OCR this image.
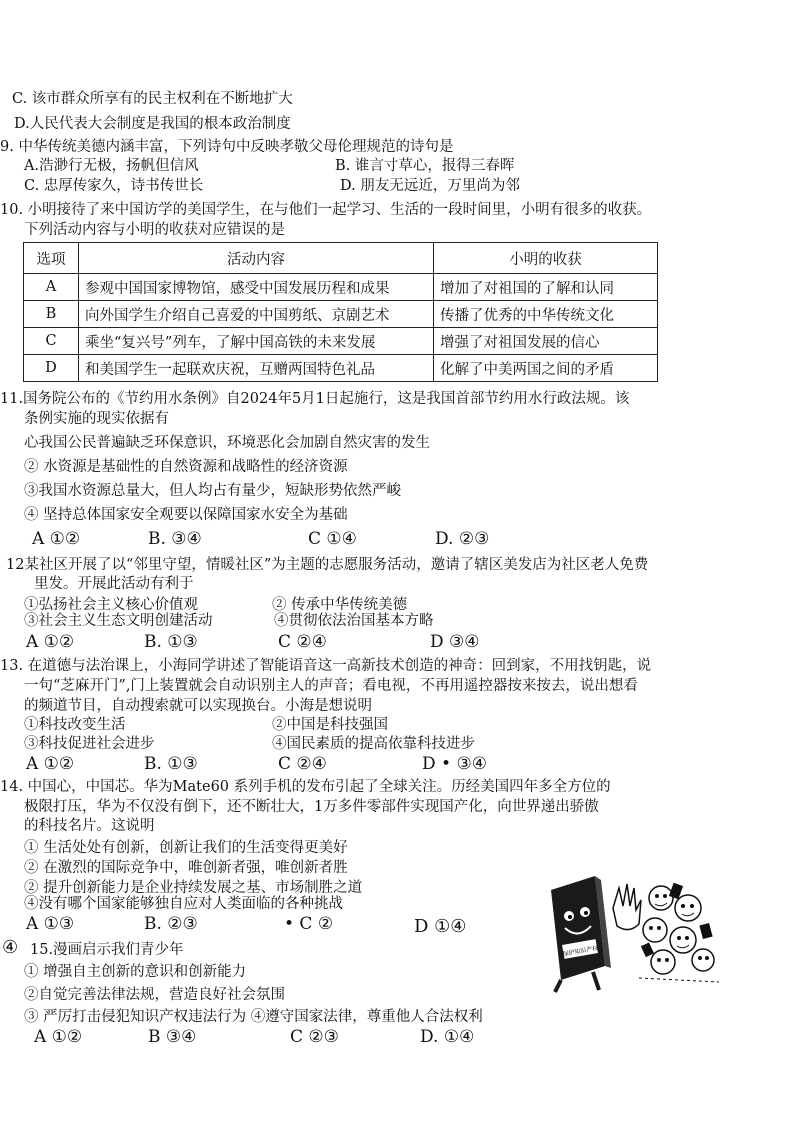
C. 该市群众所享有的民主权利在不断地扩大
D.人民代表大会制度是我国的根本政治制度
9. 中华传统美德内涵丰富，下列诗句中反映孝敬父母伦理规范的诗句是
A.浩渺行无极，扬帆但信风	B. 谁言寸草心，报得三春晖
C. 忠厚传家久，诗书传世长	D. 朋友无远近，万里尚为邻
10. 小明接待了来中国访学的美国学生，在与他们一起学习、生活的一段时间里，小明有很多的收获。
下列活动内容与小明的收获对应错误的是
选项	活动内容	小明的收获
A	参观中国国家博物馆，感受中国发展历程和成果	增加了对祖国的了解和认同
B	向外国学生介绍自己喜爱的中国剪纸、京剧艺术	传播了优秀的中华传统文化
C	乘坐“复兴号”列车，了解中国高铁的未来发展	增强了对祖国发展的信心
D	和美国学生一起联欢庆祝，互赠两国特色礼品	化解了中美两国之间的矛盾
11.国务院公布的《节约用水条例》自2024年5月1日起施行，这是我国首部节约用水行政法规。该
条例实施的现实依据有
心我国公民普遍缺乏环保意识，环境恶化会加剧自然灾害的发生
② 水资源是基础性的自然资源和战略性的经济资源
③我国水资源总量大，但人均占有量少，短缺形势依然严峻
④ 坚持总体国家安全观要以保障国家水安全为基础
A ①②	B. ③④	C ①④	D. ②③
12某社区开展了以“邻里守望，情暖社区”为主题的志愿服务活动，邀请了辖区美发店为社区老人免费
里发。开展此活动有利于
①弘扬社会主义核心价值观	② 传承中华传统美德
③社会主义生态文明创建活动	④贯彻依法治国基本方略
A ①②	B. ①③	C ②④	D ③④
13. 在道德与法治课上，小海同学讲述了智能语音这一高新技术创造的神奇：回到家，不用找钥匙，说
一句“芝麻开门”,门上装置就会自动识别主人的声音；看电视，不再用遥控器按来按去，说出想看
的频道节目，自动搜索就可以实现换台。小海是想说明
①科技改变生活	②中国是科技强国
③科技促进社会进步	④国民素质的提高依靠科技进步
A ①②	B. ①③	C ②④	D • ③④
14. 中国心，中国芯。华为Mate60 系列手机的发布引起了全球关注。历经美国四年多全方位的
极限打压，华为不仅没有倒下，还不断壮大，1万多件零部件实现国产化，向世界递出骄傲
的科技名片。这说明
① 生活处处有创新，创新让我们的生活变得更美好
② 在激烈的国际竞争中，唯创新者强，唯创新者胜
② 提升创新能力是企业持续发展之基、市场制胜之道
④没有哪个国家能够独自应对人类面临的各种挑战
A ①③	B. ②③	• C ②	D ①④
④ 15.漫画启示我们青少年
① 增强自主创新的意识和创新能力
②自觉完善法律法规，营造良好社会氛围
③ 严厉打击侵犯知识产权违法行为 ④遵守国家法律，尊重他人合法权利
A ①②	B ③④	C ②③	D. ①④
保护知识产权
